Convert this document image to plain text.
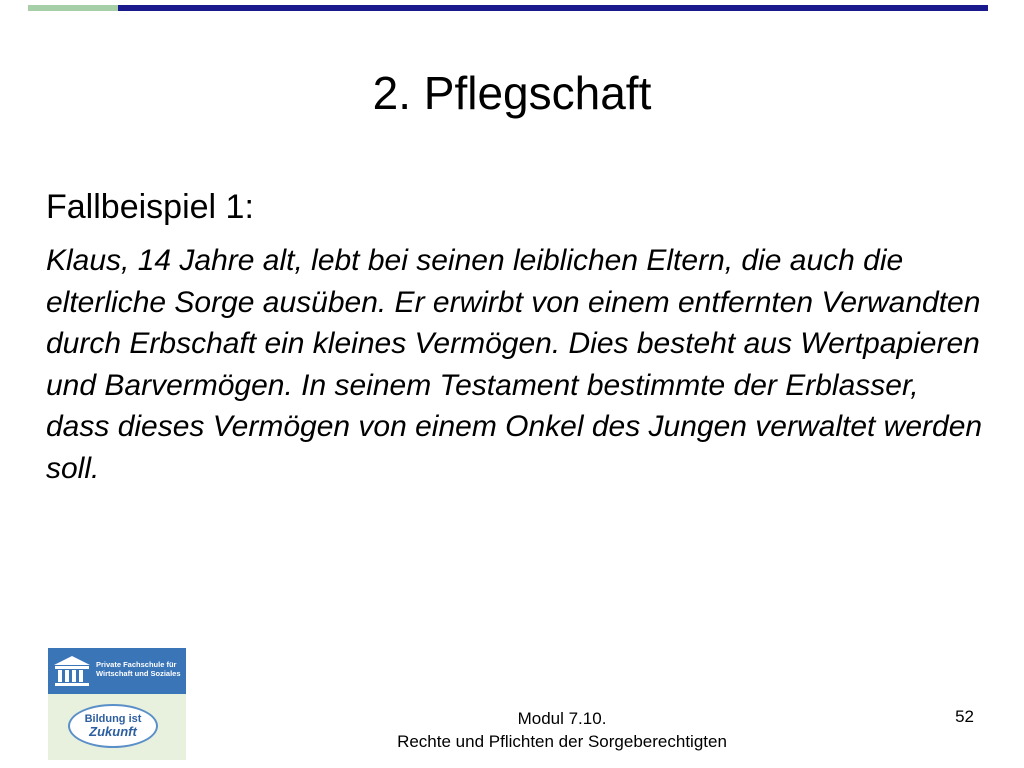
2. Pflegschaft
Fallbeispiel 1:
Klaus, 14 Jahre alt, lebt bei seinen leiblichen Eltern, die auch die elterliche Sorge ausüben. Er erwirbt von einem entfernten Verwandten durch Erbschaft ein kleines Vermögen. Dies besteht aus Wertpapieren und Barvermögen. In seinem Testament bestimmte der Erblasser, dass dieses Vermögen von einem Onkel des Jungen verwaltet werden soll.
Private Fachschule für
Wirtschaft und Soziales
Bildung ist
Zukunft
Modul 7.10.
Rechte und Pflichten der Sorgeberechtigten
52
